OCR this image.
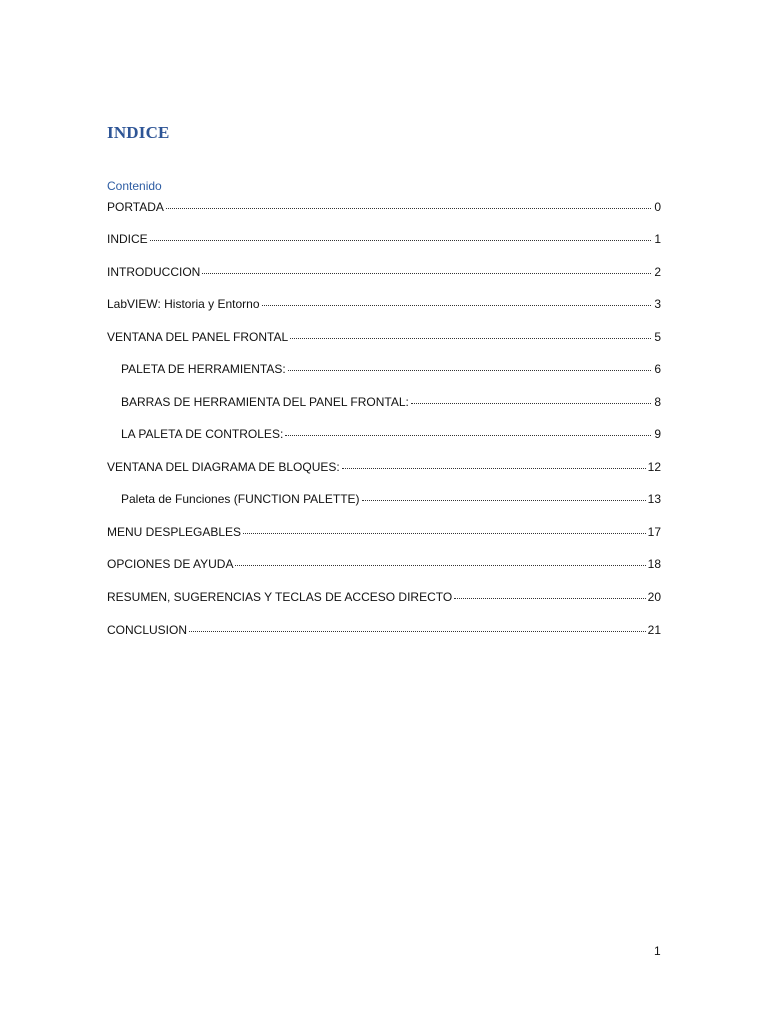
INDICE
Contenido
PORTADA	0
INDICE	1
INTRODUCCION	2
LabVIEW: Historia y Entorno	3
VENTANA DEL PANEL FRONTAL	5
PALETA DE HERRAMIENTAS:	6
BARRAS DE HERRAMIENTA DEL PANEL FRONTAL:	8
LA PALETA DE CONTROLES:	9
VENTANA DEL DIAGRAMA DE BLOQUES:	12
Paleta de Funciones (FUNCTION PALETTE)	13
MENU DESPLEGABLES	17
OPCIONES DE AYUDA	18
RESUMEN, SUGERENCIAS Y TECLAS DE ACCESO DIRECTO	20
CONCLUSION	21
1
